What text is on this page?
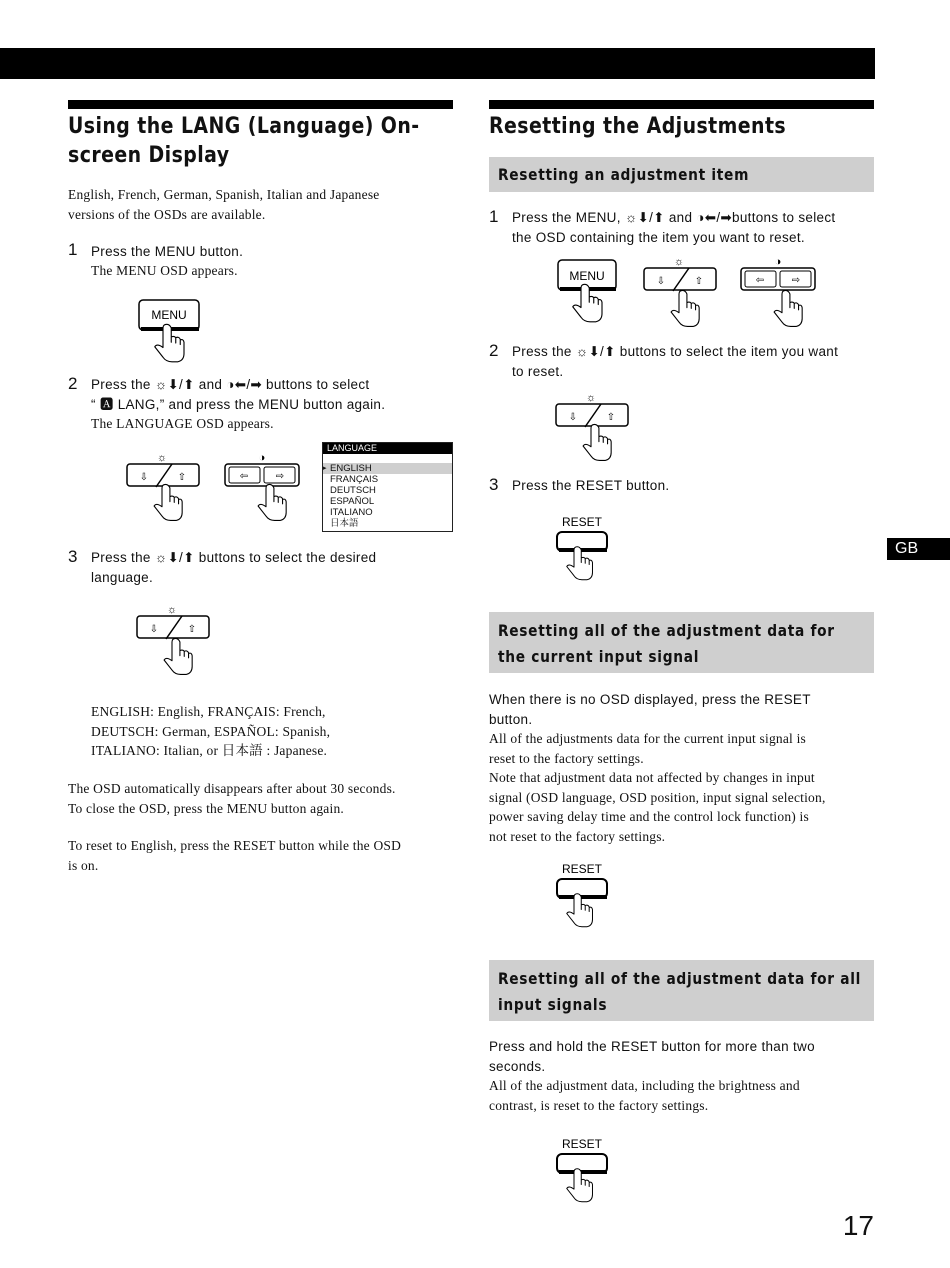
Using the LANG (Language) On-
screen Display

English, French, German, Spanish, Italian and Japanese
versions of the OSDs are available.

1 Press the MENU button.

The MENU OSD appears.

MENU
2 Press the ☼⬇/⬆ and ◑⬅/➡ buttons to select
“ 🅰 LANG,” and press the MENU button again.

The LANGUAGE OSD appears.

☼
⇩	⇧
◑
⇦	⇨
LANGUAGE
▸ ENGLISH
FRANÇAIS
DEUTSCH
ESPAÑOL
ITALIANO
日本語
3 Press the ☼⬇/⬆ buttons to select the desired
language.

☼
⇩	⇧

ENGLISH: English, FRANÇAIS: French,
DEUTSCH: German, ESPAÑOL: Spanish,
ITALIANO: Italian, or 日本語 : Japanese.

The OSD automatically disappears after about 30 seconds.
To close the OSD, press the MENU button again.

To reset to English, press the RESET button while the OSD
is on.

Resetting the Adjustments
Resetting an adjustment item
1 Press the MENU, ☼⬇/⬆ and ◑⬅/➡buttons to select
the OSD containing the item you want to reset.

MENU
☼
⇩	⇧
◑
⇦	⇨
2 Press the ☼⬇/⬆ buttons to select the item you want
to reset.

☼
⇩	⇧
3 Press the RESET button.

RESET
Resetting all of the adjustment data for
the current input signal

When there is no OSD displayed, press the RESET
button.

All of the adjustments data for the current input signal is
reset to the factory settings.
Note that adjustment data not affected by changes in input
signal (OSD language, OSD position, input signal selection,
power saving delay time and the control lock function) is
not reset to the factory settings.

RESET
Resetting all of the adjustment data for all
input signals

Press and hold the RESET button for more than two
seconds.

All of the adjustment data, including the brightness and
contrast, is reset to the factory settings.

RESET
GB
17
